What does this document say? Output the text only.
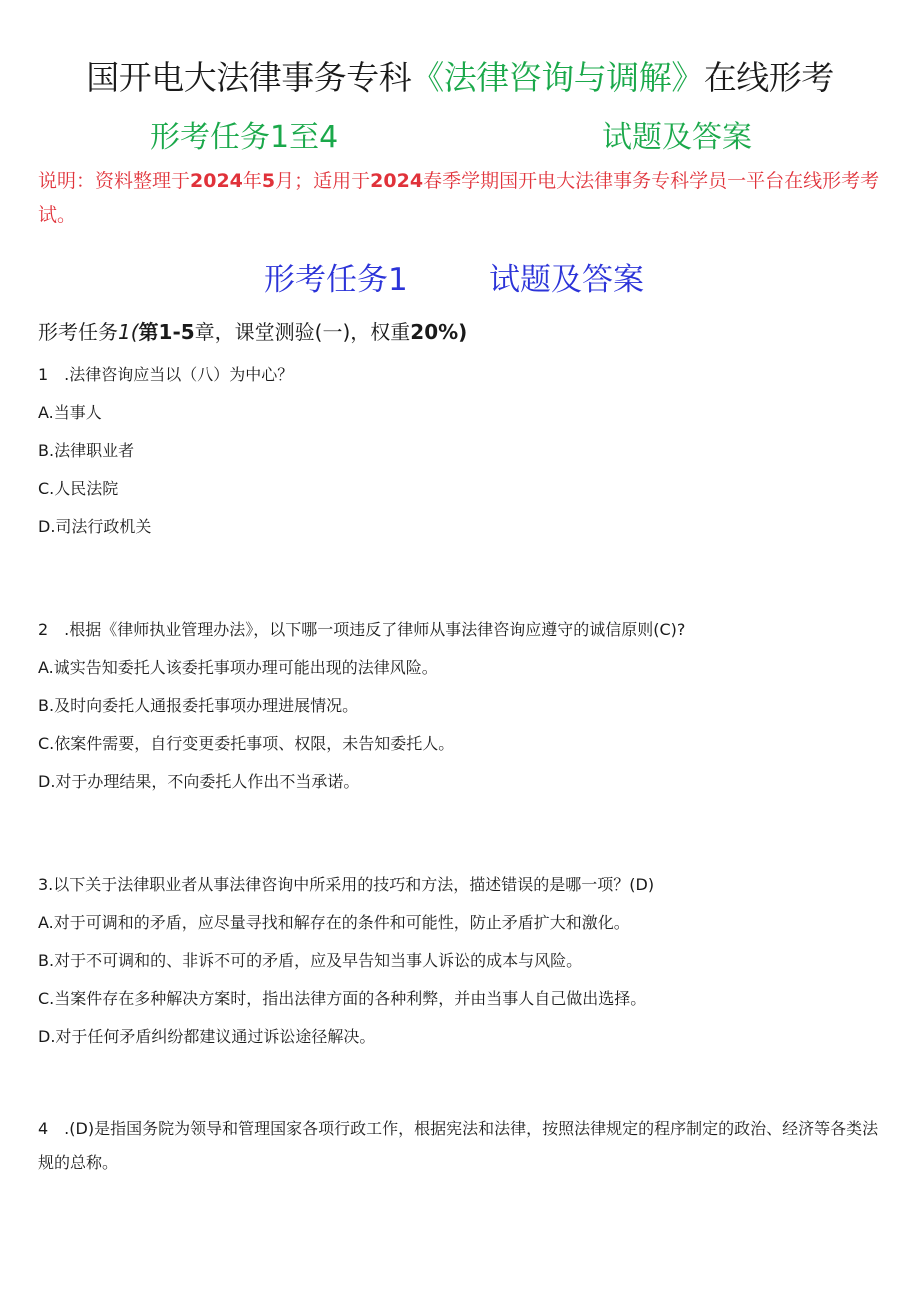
国开电大法律事务专科《法律咨询与调解》在线形考
形考任务1至4	试题及答案
说明：资料整理于2024年5月；适用于2024春季学期国开电大法律事务专科学员一平台在线形考考试。
形考任务1	试题及答案
形考任务1(第1-5章，课堂测验(一)，权重20%)
1　.法律咨询应当以（八）为中心？
A.当事人
B.法律职业者
C.人民法院
D.司法行政机关
2　.根据《律师执业管理办法》，以下哪一项违反了律师从事法律咨询应遵守的诚信原则(C)?
A.诚实告知委托人该委托事项办理可能出现的法律风险。
B.及时向委托人通报委托事项办理进展情况。
C.依案件需要，自行变更委托事项、权限，未告知委托人。
D.对于办理结果，不向委托人作出不当承诺。
3.以下关于法律职业者从事法律咨询中所采用的技巧和方法，描述错误的是哪一项？(D)
A.对于可调和的矛盾，应尽量寻找和解存在的条件和可能性，防止矛盾扩大和激化。
B.对于不可调和的、非诉不可的矛盾，应及早告知当事人诉讼的成本与风险。
C.当案件存在多种解决方案时，指出法律方面的各种利弊，并由当事人自己做出选择。
D.对于任何矛盾纠纷都建议通过诉讼途径解决。
4　.(D)是指国务院为领导和管理国家各项行政工作，根据宪法和法律，按照法律规定的程序制定的政治、经济等各类法规的总称。
